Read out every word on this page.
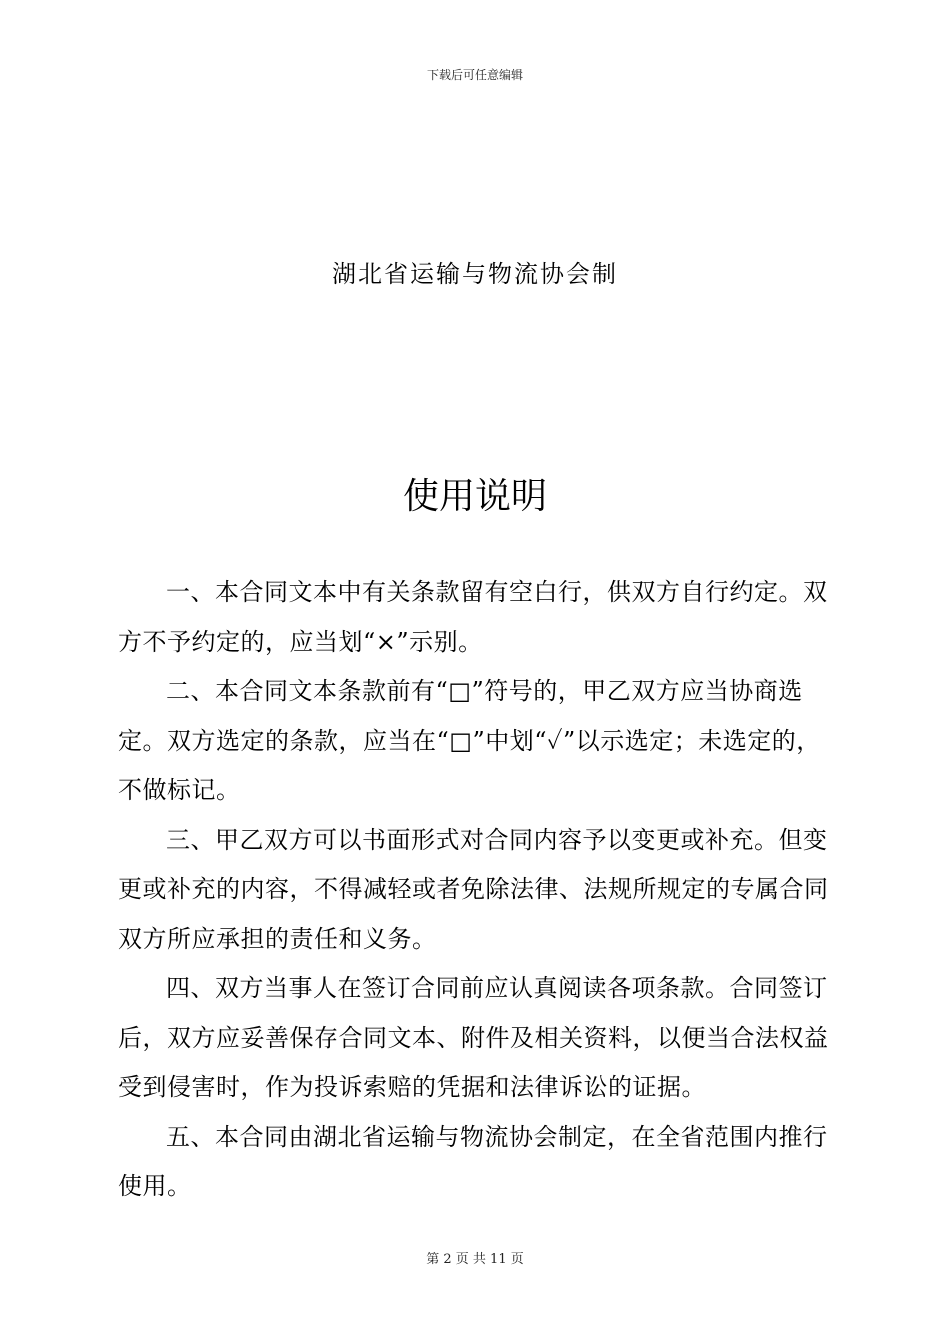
下载后可任意编辑
湖北省运输与物流协会制
使用说明

一、本合同文本中有关条款留有空白行，供双方自行约定。双方不予约定的，应当划“×”示别。

二、本合同文本条款前有“□”符号的，甲乙双方应当协商选定。双方选定的条款，应当在“□”中划“✓”以示选定；未选定的，不做标记。

三、甲乙双方可以书面形式对合同内容予以变更或补充。但变更或补充的内容，不得减轻或者免除法律、法规所规定的专属合同双方所应承担的责任和义务。

四、双方当事人在签订合同前应认真阅读各项条款。合同签订后，双方应妥善保存合同文本、附件及相关资料，以便当合法权益受到侵害时，作为投诉索赔的凭据和法律诉讼的证据。

五、本合同由湖北省运输与物流协会制定，在全省范围内推行使用。

第 2 页 共 11 页
